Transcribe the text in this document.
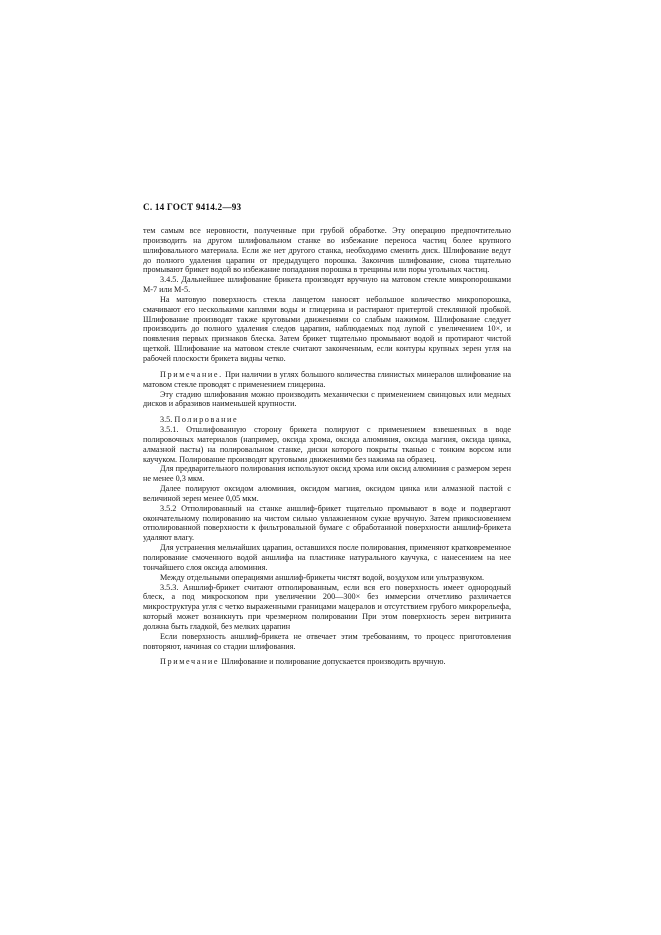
С. 14 ГОСТ 9414.2—93

тем самым все неровности, полученные при грубой обработке. Эту операцию предпочтительно производить на другом шлифовальном станке во избежание переноса частиц более крупного шлифовального материала. Если же нет другого станка, необходимо сменить диск. Шлифование ведут до полного удаления царапин от предыдущего порошка. Закончив шлифование, снова тщательно промывают брикет водой во избежание попадания порошка в трещины или поры угольных частиц.

3.4.5. Дальнейшее шлифование брикета производят вручную на матовом стекле микропорошками М-7 или М-5.

На матовую поверхность стекла ланцетом наносят небольшое количество микропорошка, смачивают его несколькими каплями воды и глицерина и растирают притертой стеклянной пробкой. Шлифование производят также круговыми движениями со слабым нажимом. Шлифование следует производить до полного удаления следов царапин, наблюдаемых под лупой с увеличением 10×, и появления первых признаков блеска. Затем брикет тщательно промывают водой и протирают чистой щеткой. Шлифование на матовом стекле считают законченным, если контуры крупных зерен угля на рабочей плоскости брикета видны четко.

Примечание. При наличии в углях большого количества глинистых минералов шлифование на матовом стекле проводят с применением глицерина.

Эту стадию шлифования можно производить механически с применением свинцовых или медных дисков и абразивов наименьшей крупности.

3.5. Полирование

3.5.1. Отшлифованную сторону брикета полируют с применением взвешенных в воде полировочных материалов (например, оксида хрома, оксида алюминия, оксида магния, оксида цинка, алмазной пасты) на полировальном станке, диски которого покрыты тканью с тонким ворсом или каучуком. Полирование производят круговыми движениями без нажима на образец.

Для предварительного полирования используют оксид хрома или оксид алюминия с размером зерен не менее 0,3 мкм.

Далее полируют оксидом алюминия, оксидом магния, оксидом цинка или алмазной пастой с величиной зерен менее 0,05 мкм.

3.5.2 Отполированный на станке аншлиф-брикет тщательно промывают в воде и подвергают окончательному полированию на чистом сильно увлажненном сукне вручную. Затем прикосновением отполированной поверхности к фильтровальной бумаге с обработанной поверхности аншлиф-брикета удаляют влагу.

Для устранения мельчайших царапин, оставшихся после полирования, применяют кратковременное полирование смоченного водой аншлифа на пластинке натурального каучука, с нанесением на нее тончайшего слоя оксида алюминия.

Между отдельными операциями аншлиф-брикеты чистят водой, воздухом или ультразвуком.

3.5.3. Аншлиф-брикет считают отполированным, если вся его поверхность имеет однородный блеск, а под микроскопом при увеличении 200—300× без иммерсии отчетливо различается микроструктура угля с четко выраженными границами мацералов и отсутствием грубого микрорельефа, который может возникнуть при чрезмерном полировании При этом поверхность зерен витринита должна быть гладкой, без мелких царапин

Если поверхность аншлиф-брикета не отвечает этим требованиям, то процесс приготовления повторяют, начиная со стадии шлифования.

Примечание Шлифование и полирование допускается производить вручную.
